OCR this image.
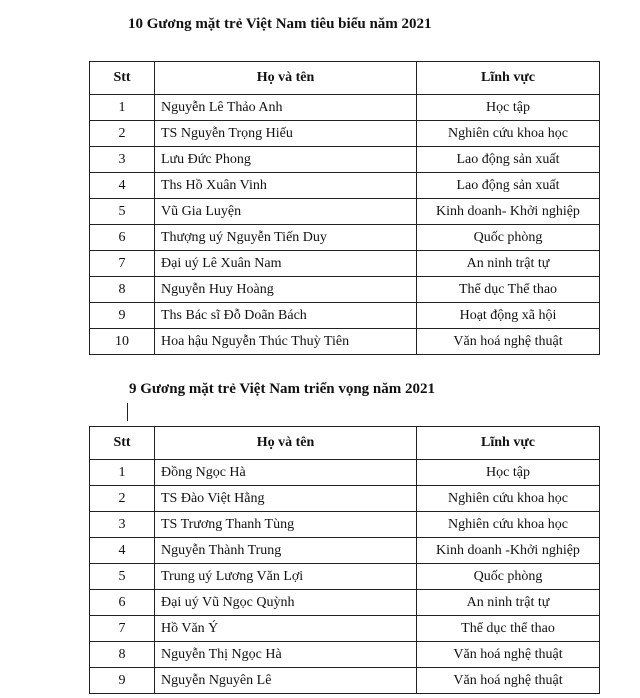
10 Gương mặt trẻ Việt Nam tiêu biểu năm 2021
Stt	Họ và tên	Lĩnh vực
1	Nguyễn Lê Thảo Anh	Học tập
2	TS Nguyễn Trọng Hiếu	Nghiên cứu khoa học
3	Lưu Đức Phong	Lao động sản xuất
4	Ths Hồ Xuân Vinh	Lao động sản xuất
5	Vũ Gia Luyện	Kinh doanh- Khởi nghiệp
6	Thượng uý Nguyễn Tiến Duy	Quốc phòng
7	Đại uý Lê Xuân Nam	An ninh trật tự
8	Nguyễn Huy Hoàng	Thể dục Thể thao
9	Ths Bác sĩ Đỗ Doãn Bách	Hoạt động xã hội
10	Hoa hậu Nguyễn Thúc Thuỳ Tiên	Văn hoá nghệ thuật
9 Gương mặt trẻ Việt Nam triển vọng năm 2021
Stt	Họ và tên	Lĩnh vực
1	Đồng Ngọc Hà	Học tập
2	TS Đào Việt Hằng	Nghiên cứu khoa học
3	TS Trương Thanh Tùng	Nghiên cứu khoa học
4	Nguyễn Thành Trung	Kinh doanh -Khởi nghiệp
5	Trung uý Lương Văn Lợi	Quốc phòng
6	Đại uý Vũ Ngọc Quỳnh	An ninh trật tự
7	Hồ Văn Ý	Thể dục thể thao
8	Nguyễn Thị Ngọc Hà	Văn hoá nghệ thuật
9	Nguyễn Nguyên Lê	Văn hoá nghệ thuật
